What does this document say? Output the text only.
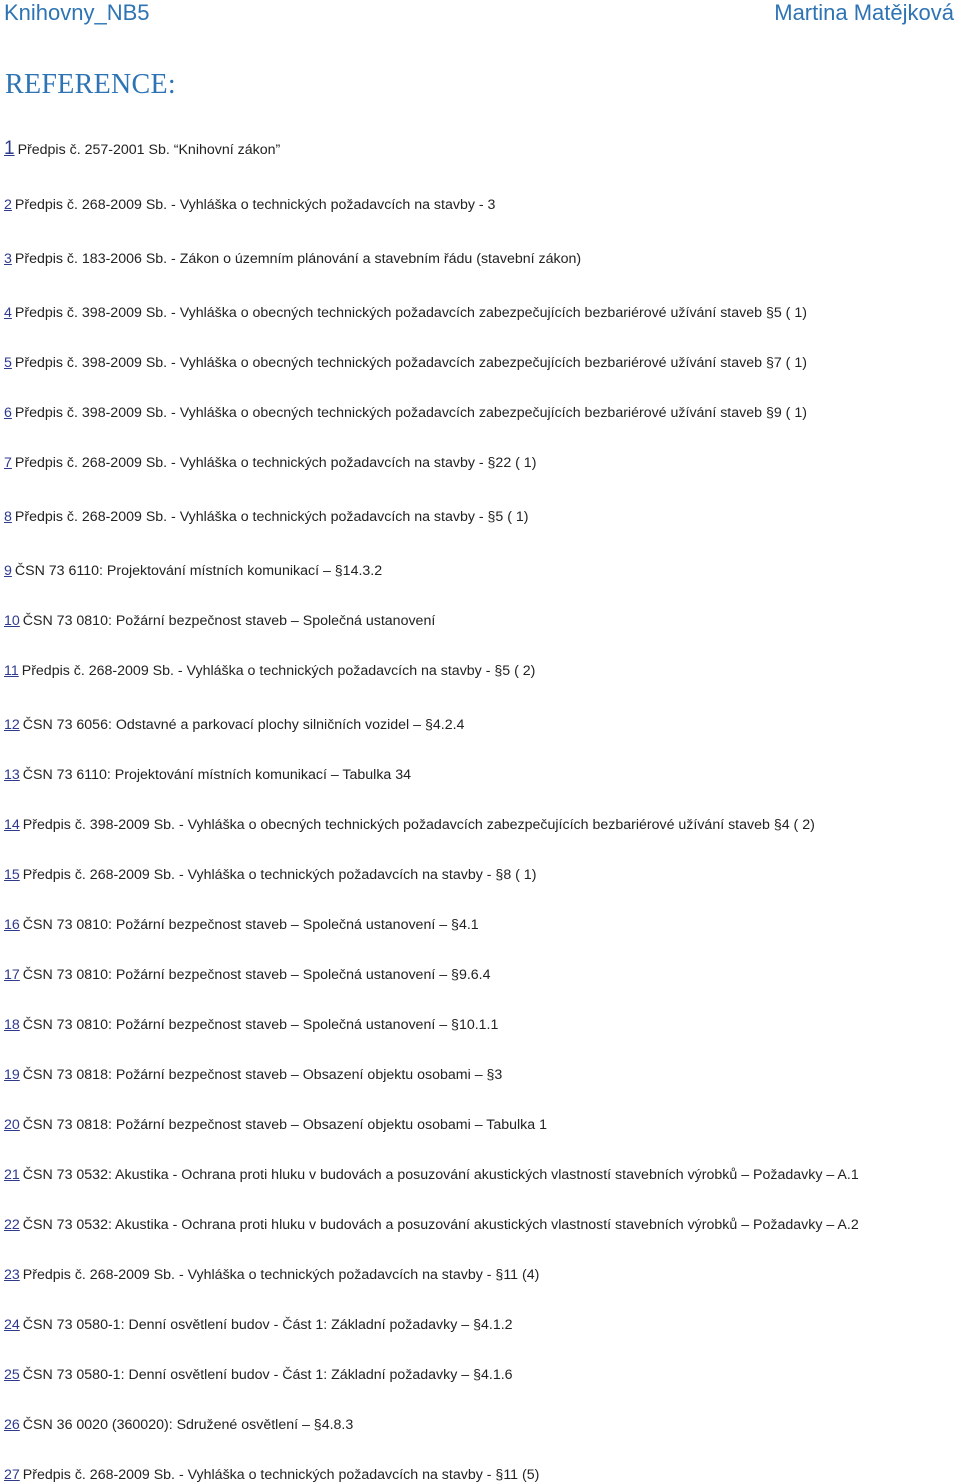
Knihovny_NB5	Martina Matějková
REFERENCE:
1 Předpis č. 257-2001 Sb. “Knihovní zákon”
2 Předpis č. 268-2009 Sb. - Vyhláška o technických požadavcích na stavby - 3
3 Předpis č. 183-2006 Sb. - Zákon o územním plánování a stavebním řádu (stavební zákon)
4 Předpis č. 398-2009 Sb. - Vyhláška o obecných technických požadavcích zabezpečujících bezbariérové užívání staveb §5 ( 1)
5 Předpis č. 398-2009 Sb. - Vyhláška o obecných technických požadavcích zabezpečujících bezbariérové užívání staveb §7 ( 1)
6 Předpis č. 398-2009 Sb. - Vyhláška o obecných technických požadavcích zabezpečujících bezbariérové užívání staveb §9 ( 1)
7 Předpis č. 268-2009 Sb. - Vyhláška o technických požadavcích na stavby - §22 ( 1)
8 Předpis č. 268-2009 Sb. - Vyhláška o technických požadavcích na stavby - §5 ( 1)
9 ČSN 73 6110: Projektování místních komunikací – §14.3.2
10 ČSN 73 0810: Požární bezpečnost staveb – Společná ustanovení
11 Předpis č. 268-2009 Sb. - Vyhláška o technických požadavcích na stavby - §5 ( 2)
12 ČSN 73 6056: Odstavné a parkovací plochy silničních vozidel – §4.2.4
13 ČSN 73 6110: Projektování místních komunikací – Tabulka 34
14 Předpis č. 398-2009 Sb. - Vyhláška o obecných technických požadavcích zabezpečujících bezbariérové užívání staveb §4 ( 2)
15 Předpis č. 268-2009 Sb. - Vyhláška o technických požadavcích na stavby - §8 ( 1)
16 ČSN 73 0810: Požární bezpečnost staveb – Společná ustanovení – §4.1
17 ČSN 73 0810: Požární bezpečnost staveb – Společná ustanovení – §9.6.4
18 ČSN 73 0810: Požární bezpečnost staveb – Společná ustanovení – §10.1.1
19 ČSN 73 0818: Požární bezpečnost staveb – Obsazení objektu osobami – §3
20 ČSN 73 0818: Požární bezpečnost staveb – Obsazení objektu osobami – Tabulka 1
21 ČSN 73 0532: Akustika - Ochrana proti hluku v budovách a posuzování akustických vlastností stavebních výrobků – Požadavky – A.1
22 ČSN 73 0532: Akustika - Ochrana proti hluku v budovách a posuzování akustických vlastností stavebních výrobků – Požadavky – A.2
23 Předpis č. 268-2009 Sb. - Vyhláška o technických požadavcích na stavby - §11 (4)
24 ČSN 73 0580-1: Denní osvětlení budov - Část 1: Základní požadavky – §4.1.2
25 ČSN 73 0580-1: Denní osvětlení budov - Část 1: Základní požadavky – §4.1.6
26 ČSN 36 0020 (360020): Sdružené osvětlení – §4.8.3
27 Předpis č. 268-2009 Sb. - Vyhláška o technických požadavcích na stavby - §11 (5)
